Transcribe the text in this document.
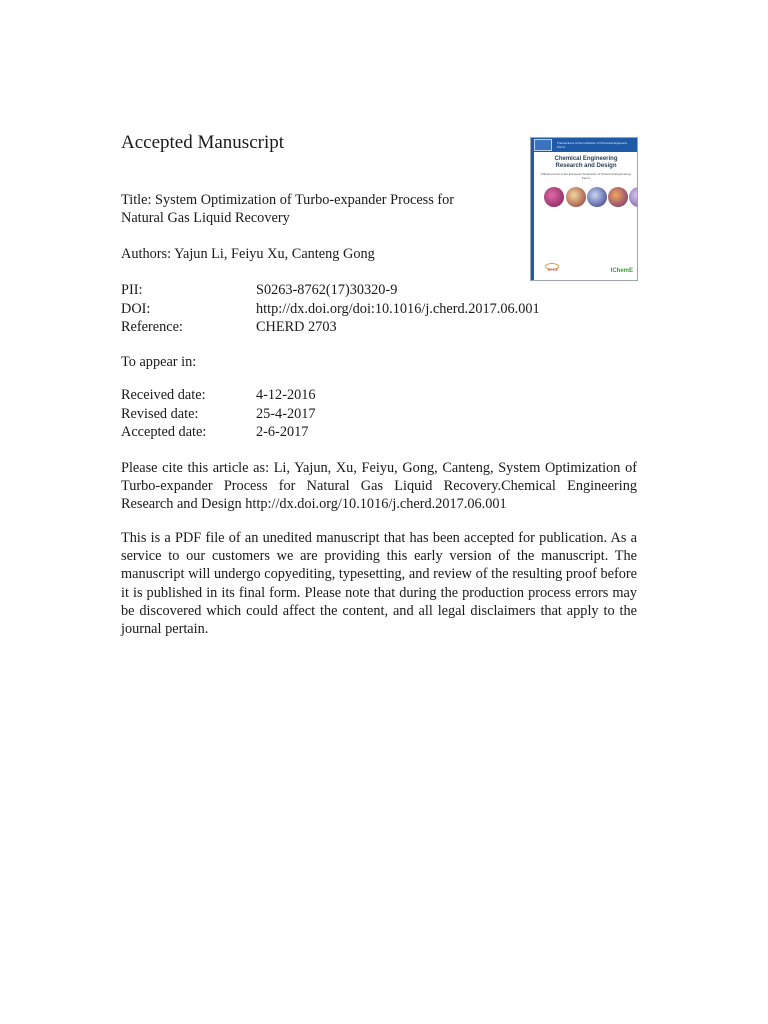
Accepted Manuscript
Title: System Optimization of Turbo-expander Process for
Natural Gas Liquid Recovery
Authors: Yajun Li, Feiyu Xu, Canteng Gong
PII:	S0263-8762(17)30320-9
DOI:	http://dx.doi.org/doi:10.1016/j.cherd.2017.06.001
Reference:	CHERD 2703
To appear in:
Received date:	4-12-2016
Revised date:	25-4-2017
Accepted date:	2-6-2017

Please cite this article as: Li, Yajun, Xu, Feiyu, Gong, Canteng, System Optimization of Turbo-expander Process for Natural Gas Liquid Recovery.Chemical Engineering Research and Design http://dx.doi.org/10.1016/j.cherd.2017.06.001

This is a PDF file of an unedited manuscript that has been accepted for publication. As a service to our customers we are providing this early version of the manuscript. The manuscript will undergo copyediting, typesetting, and review of the resulting proof before it is published in its final form. Please note that during the production process errors may be discovered which could affect the content, and all legal disclaimers that apply to the journal pertain.

Transactions of the Institution of Chemical Engineers Part A
Chemical Engineering
Research and Design
Official journal of the European Federation of Chemical Engineering: Part A
EFCE	IChemE
